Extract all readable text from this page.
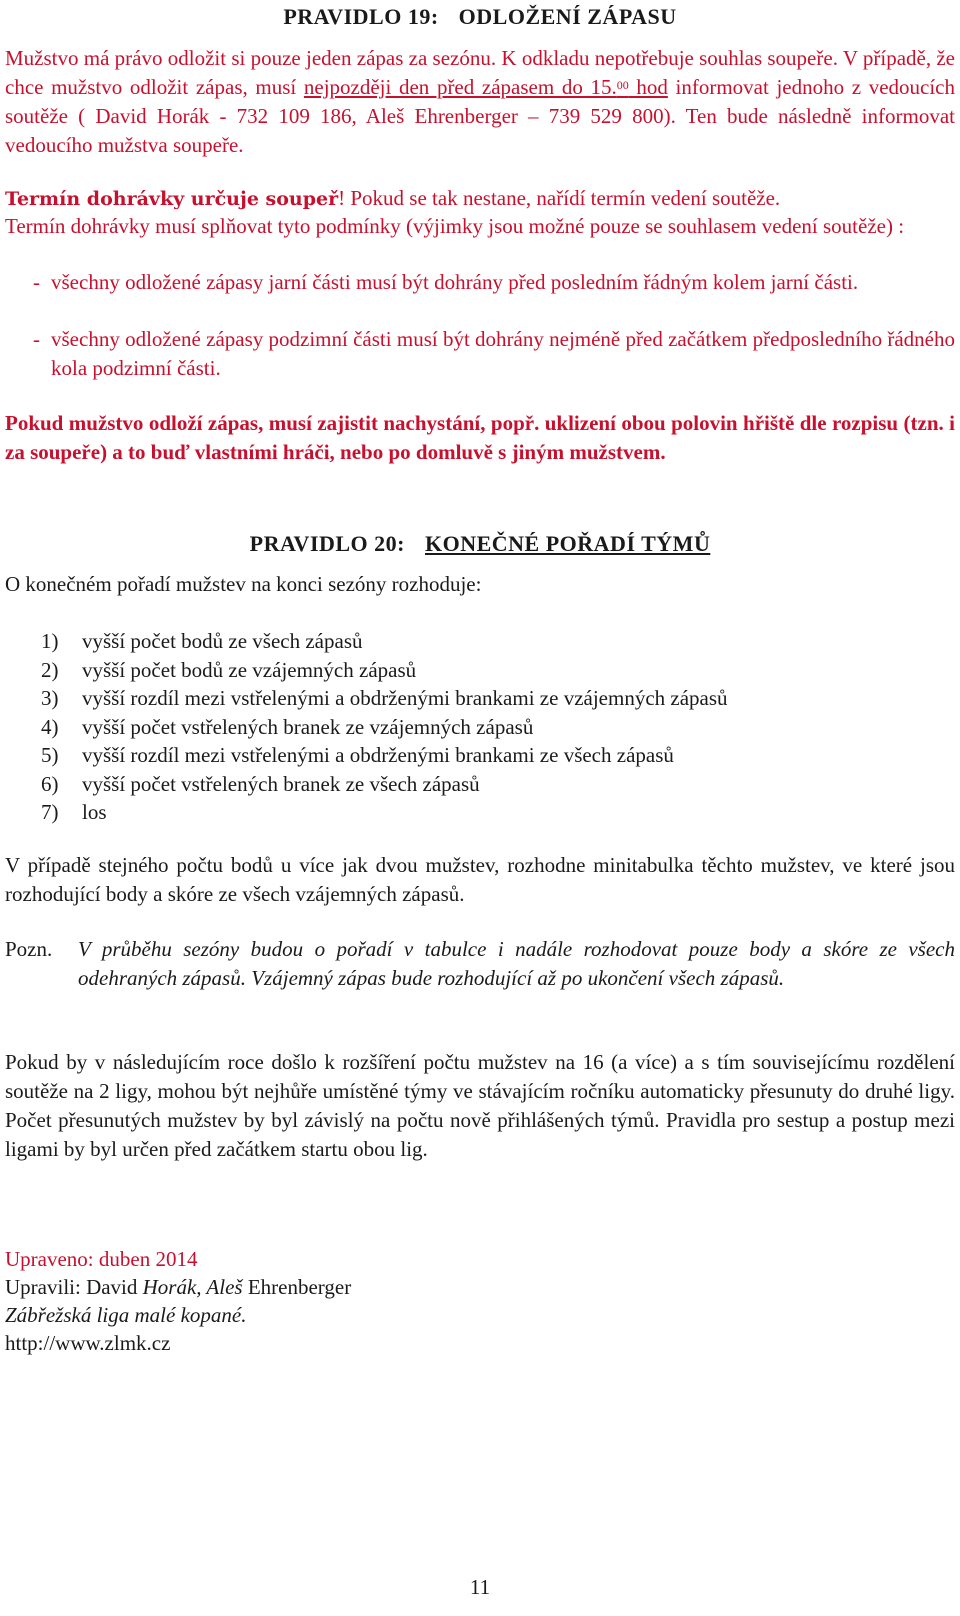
PRAVIDLO 19: ODLOŽENÍ ZÁPASU

Mužstvo má právo odložit si pouze jeden zápas za sezónu. K odkladu nepotřebuje souhlas soupeře. V případě, že chce mužstvo odložit zápas, musí nejpozději den před zápasem do 15.00 hod informovat jednoho z vedoucích soutěže ( David Horák - 732 109 186, Aleš Ehrenberger – 739 529 800). Ten bude následně informovat vedoucího mužstva soupeře.

Termín dohrávky určuje soupeř! Pokud se tak nestane, nařídí termín vedení soutěže.

Termín dohrávky musí splňovat tyto podmínky (výjimky jsou možné pouze se souhlasem vedení soutěže) :

- všechny odložené zápasy jarní části musí být dohrány před posledním řádným kolem jarní části.
- všechny odložené zápasy podzimní části musí být dohrány nejméně před začátkem předposledního řádného kola podzimní části.

Pokud mužstvo odloží zápas, musí zajistit nachystání, popř. uklizení obou polovin hřiště dle rozpisu (tzn. i za soupeře) a to buď vlastními hráči, nebo po domluvě s jiným mužstvem.

PRAVIDLO 20: KONEČNÉ POŘADÍ TÝMŮ

O konečném pořadí mužstev na konci sezóny rozhoduje:

1) vyšší počet bodů ze všech zápasů
2) vyšší počet bodů ze vzájemných zápasů
3) vyšší rozdíl mezi vstřelenými a obdrženými brankami ze vzájemných zápasů
4) vyšší počet vstřelených branek ze vzájemných zápasů
5) vyšší rozdíl mezi vstřelenými a obdrženými brankami ze všech zápasů
6) vyšší počet vstřelených branek ze všech zápasů
7) los

V případě stejného počtu bodů u více jak dvou mužstev, rozhodne minitabulka těchto mužstev, ve které jsou rozhodující body a skóre ze všech vzájemných zápasů.

Pozn. V průběhu sezóny budou o pořadí v tabulce i nadále rozhodovat pouze body a skóre ze všech odehraných zápasů. Vzájemný zápas bude rozhodující až po ukončení všech zápasů.

Pokud by v následujícím roce došlo k rozšíření počtu mužstev na 16 (a více) a s tím souvisejícímu rozdělení soutěže na 2 ligy, mohou být nejhůře umístěné týmy ve stávajícím ročníku automaticky přesunuty do druhé ligy. Počet přesunutých mužstev by byl závislý na počtu nově přihlášených týmů. Pravidla pro sestup a postup mezi ligami by byl určen před začátkem startu obou lig.

Upraveno: duben 2014

Upravili: David Horák, Aleš Ehrenberger

Zábřežská liga malé kopané.

http://www.zlmk.cz

11
